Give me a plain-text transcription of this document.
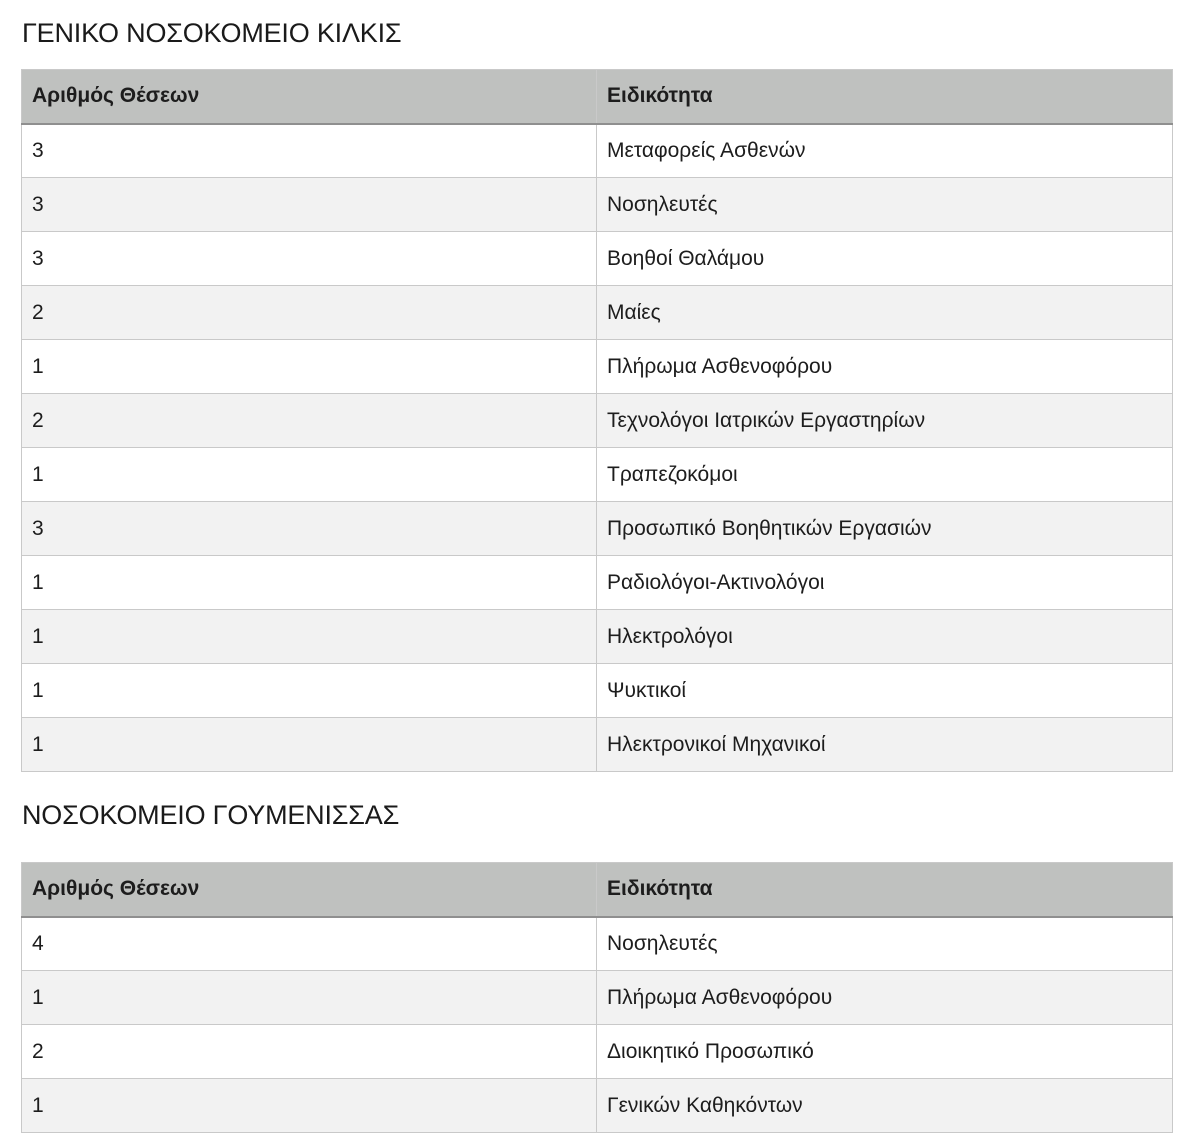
ΓΕΝΙΚΟ ΝΟΣΟΚΟΜΕΙΟ ΚΙΛΚΙΣ
Αριθμός Θέσεων	Ειδικότητα
3	Μεταφορείς Ασθενών
3	Νοσηλευτές
3	Βοηθοί Θαλάμου
2	Μαίες
1	Πλήρωμα Ασθενοφόρου
2	Τεχνολόγοι Ιατρικών Εργαστηρίων
1	Τραπεζοκόμοι
3	Προσωπικό Βοηθητικών Εργασιών
1	Ραδιολόγοι-Ακτινολόγοι
1	Ηλεκτρολόγοι
1	Ψυκτικοί
1	Ηλεκτρονικοί Μηχανικοί
ΝΟΣΟΚΟΜΕΙΟ ΓΟΥΜΕΝΙΣΣΑΣ
Αριθμός Θέσεων	Ειδικότητα
4	Νοσηλευτές
1	Πλήρωμα Ασθενοφόρου
2	Διοικητικό Προσωπικό
1	Γενικών Καθηκόντων
